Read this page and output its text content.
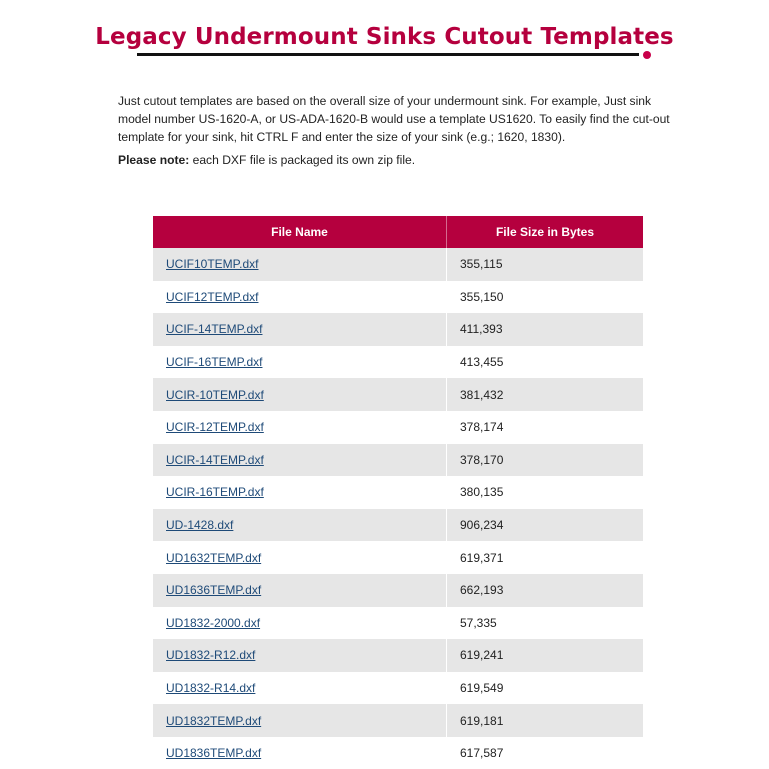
Legacy Undermount Sinks Cutout Templates

Just cutout templates are based on the overall size of your undermount sink. For example, Just sink model number US-1620-A, or US-ADA-1620-B would use a template US1620. To easily find the cut-out template for your sink, hit CTRL F and enter the size of your sink (e.g.; 1620, 1830).

Please note: each DXF file is packaged its own zip file.

File Name	File Size in Bytes
UCIF10TEMP.dxf	355,115
UCIF12TEMP.dxf	355,150
UCIF-14TEMP.dxf	411,393
UCIF-16TEMP.dxf	413,455
UCIR-10TEMP.dxf	381,432
UCIR-12TEMP.dxf	378,174
UCIR-14TEMP.dxf	378,170
UCIR-16TEMP.dxf	380,135
UD-1428.dxf	906,234
UD1632TEMP.dxf	619,371
UD1636TEMP.dxf	662,193
UD1832-2000.dxf	57,335
UD1832-R12.dxf	619,241
UD1832-R14.dxf	619,549
UD1832TEMP.dxf	619,181
UD1836TEMP.dxf	617,587
